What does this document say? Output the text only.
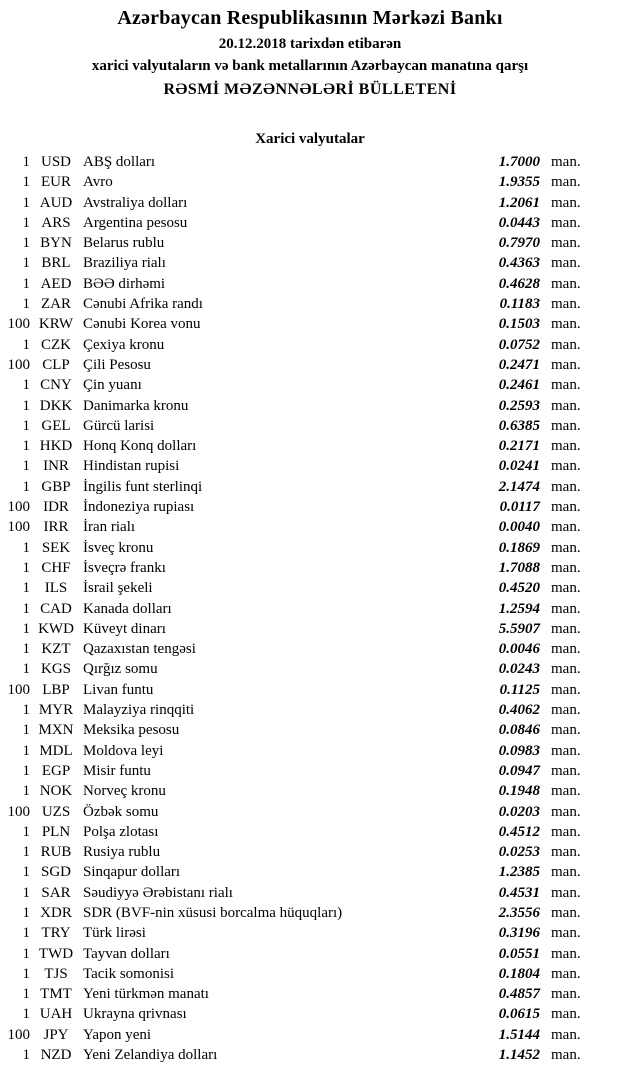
Azərbaycan Respublikasının Mərkəzi Bankı
20.12.2018 tarixdən etibarən
xarici valyutaların və bank metallarının Azərbaycan manatına qarşı
RƏSMİ MƏZƏNNƏLƏRİ BÜLLETENİ
Xarici valyutalar
1 USD ABŞ dolları	1.7000 man.
1 EUR Avro	1.9355 man.
1 AUD Avstraliya dolları	1.2061 man.
1 ARS Argentina pesosu	0.0443 man.
1 BYN Belarus rublu	0.7970 man.
1 BRL Braziliya rialı	0.4363 man.
1 AED BƏƏ dirhəmi	0.4628 man.
1 ZAR Cənubi Afrika randı	0.1183 man.
100 KRW Cənubi Korea vonu	0.1503 man.
1 CZK Çexiya kronu	0.0752 man.
100 CLP Çili Pesosu	0.2471 man.
1 CNY Çin yuanı	0.2461 man.
1 DKK Danimarka kronu	0.2593 man.
1 GEL Gürcü larisi	0.6385 man.
1 HKD Honq Konq dolları	0.2171 man.
1 INR Hindistan rupisi	0.0241 man.
1 GBP İngilis funt sterlinqi	2.1474 man.
100 IDR İndoneziya rupiası	0.0117 man.
100 IRR İran rialı	0.0040 man.
1 SEK İsveç kronu	0.1869 man.
1 CHF İsveçrə frankı	1.7088 man.
1 ILS	İsrail şekeli	0.4520 man.
1 CAD Kanada dolları	1.2594 man.
1 KWD Küveyt dinarı	5.5907 man.
1 KZT Qazaxıstan tengəsi	0.0046 man.
1 KGS Qırğız somu	0.0243 man.
100 LBP Livan funtu	0.1125 man.
1 MYR Malayziya rinqqiti	0.4062 man.
1 MXN Meksika pesosu	0.0846 man.
1 MDL Moldova leyi	0.0983 man.
1 EGP Misir funtu	0.0947 man.
1 NOK Norveç kronu	0.1948 man.
100 UZS Özbək somu	0.0203 man.
1 PLN Polşa zlotası	0.4512 man.
1 RUB Rusiya rublu	0.0253 man.
1 SGD Sinqapur dolları	1.2385 man.
1 SAR Səudiyyə Ərəbistanı rialı	0.4531 man.
1 XDR SDR (BVF-nin xüsusi borcalma hüquqları)	2.3556 man.
1 TRY Türk lirəsi	0.3196 man.
1 TWD Tayvan dolları	0.0551 man.
1 TJS	Tacik somonisi	0.1804 man.
1 TMT Yeni türkmən manatı	0.4857 man.
1 UAH Ukrayna qrivnası	0.0615 man.
100 JPY Yapon yeni	1.5144 man.
1 NZD Yeni Zelandiya dolları	1.1452 man.
